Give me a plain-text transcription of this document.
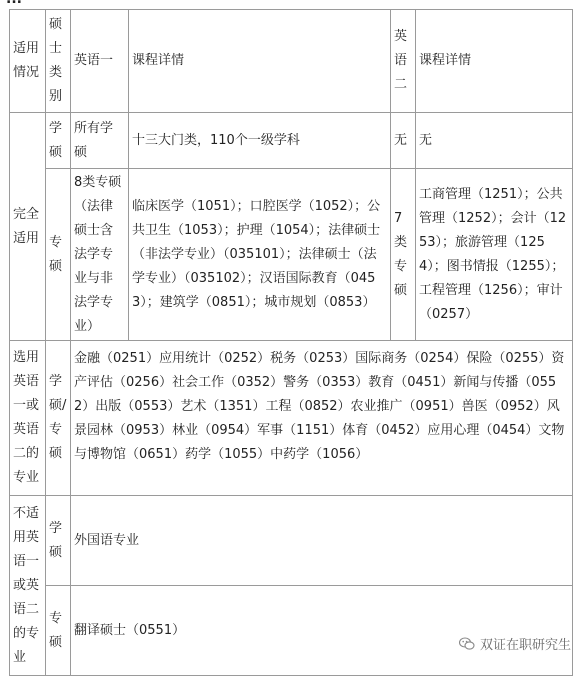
适用情况	硕士类别	英语一	课程详情	英语二	课程详情
完全适用	学硕	所有学硕	十三大门类，110个一级学科	无	无
	专硕	8类专硕（法律硕士含法学专业与非法学专业）	临床医学（1051）；口腔医学（1052）；公共卫生（1053）；护理（1054）；法律硕士（非法学专业）（035101）；法律硕士（法学专业）（035102）；汉语国际教育（0453）；建筑学（0851）；城市规划（0853）	7类专硕	工商管理（1251）；公共管理（1252）；会计（1253）；旅游管理（1254）；图书情报（1255）；工程管理（1256）；审计（0257）
选用英语一或英语二的专业	学硕/专硕	金融（0251）应用统计（0252）税务（0253）国际商务（0254）保险（0255）资产评估（0256）社会工作（0352）警务（0353）教育（0451）新闻与传播（0552）出版（0553）艺术（1351）工程（0852）农业推广（0951）兽医（0952）风景园林（0953）林业（0954）军事（1151）体育（0452）应用心理（0454）文物与博物馆（0651）药学（1055）中药学（1056）			
不适用英语一或英语二的专业	学硕	外国语专业			
	专硕	翻译硕士（0551）			
双证在职研究生
